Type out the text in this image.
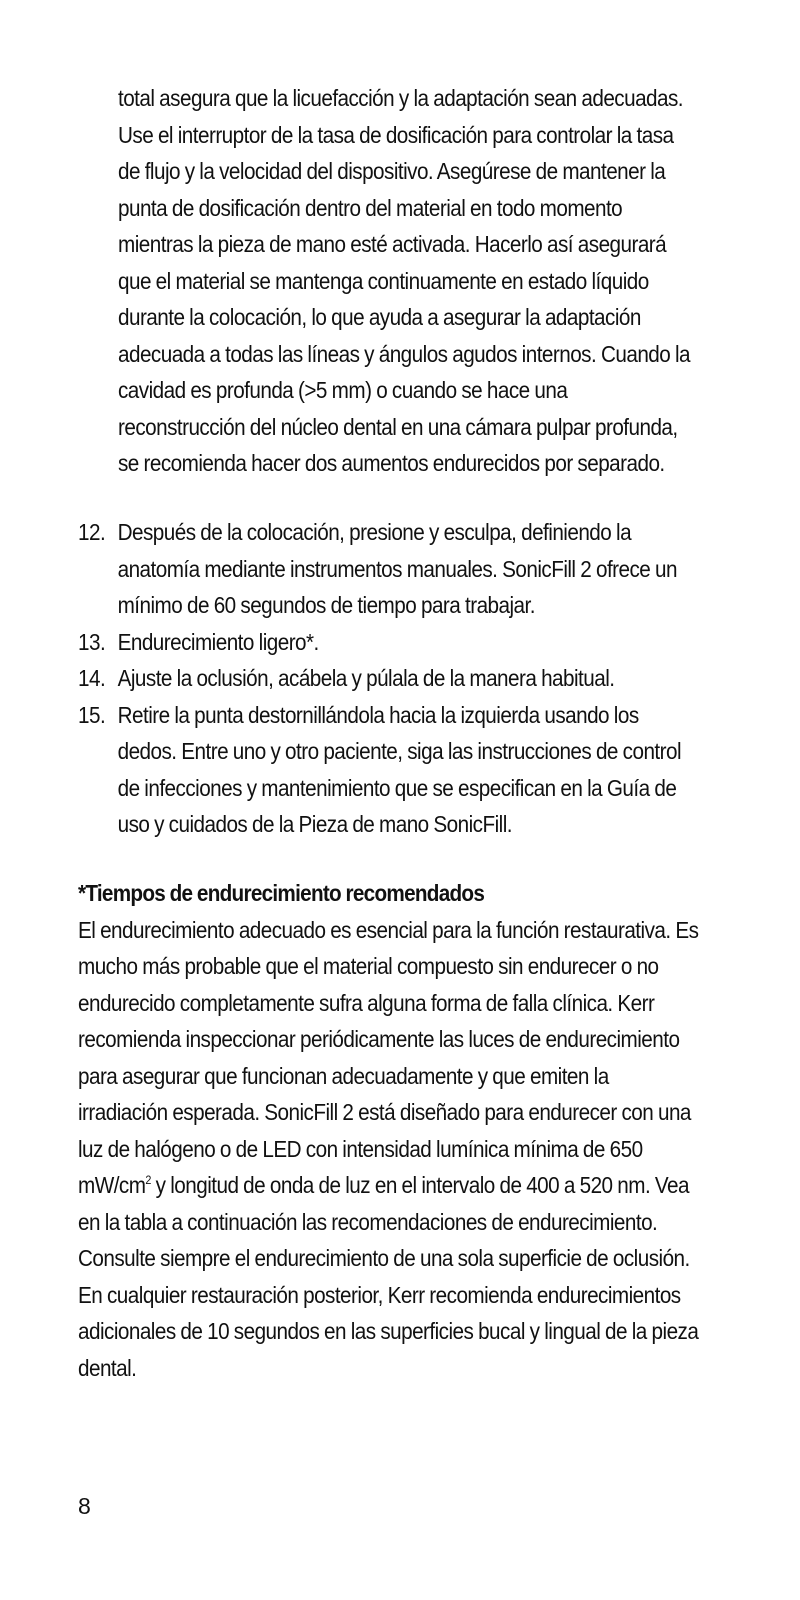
total asegura que la licuefacción y la adaptación sean adecuadas. Use el interruptor de la tasa de dosificación para controlar la tasa de flujo y la velocidad del dispositivo. Asegúrese de mantener la punta de dosificación dentro del material en todo momento mientras la pieza de mano esté activada. Hacerlo así asegurará que el material se mantenga continuamente en estado líquido durante la colocación, lo que ayuda a asegurar la adaptación adecuada a todas las líneas y ángulos agudos internos. Cuando la cavidad es profunda (>5 mm) o cuando se hace una reconstrucción del núcleo dental en una cámara pulpar profunda, se recomienda hacer dos aumentos endurecidos por separado.

12. Después de la colocación, presione y esculpa, definiendo la anatomía mediante instrumentos manuales. SonicFill 2 ofrece un mínimo de 60 segundos de tiempo para trabajar.
13. Endurecimiento ligero*.
14. Ajuste la oclusión, acábela y púlala de la manera habitual.
15. Retire la punta destornillándola hacia la izquierda usando los dedos. Entre uno y otro paciente, siga las instrucciones de control de infecciones y mantenimiento que se especifican en la Guía de uso y cuidados de la Pieza de mano SonicFill.
*Tiempos de endurecimiento recomendados

El endurecimiento adecuado es esencial para la función restaurativa. Es mucho más probable que el material compuesto sin endurecer o no endurecido completamente sufra alguna forma de falla clínica. Kerr recomienda inspeccionar periódicamente las luces de endurecimiento para asegurar que funcionan adecuadamente y que emiten la irradiación esperada. SonicFill 2 está diseñado para endurecer con una luz de halógeno o de LED con intensidad lumínica mínima de 650 $mW/cm^2$ y longitud de onda de luz en el intervalo de 400 a 520 nm. Vea en la tabla a continuación las recomendaciones de endurecimiento. Consulte siempre el endurecimiento de una sola superficie de oclusión. En cualquier restauración posterior, Kerr recomienda endurecimientos adicionales de 10 segundos en las superficies bucal y lingual de la pieza dental.

8
